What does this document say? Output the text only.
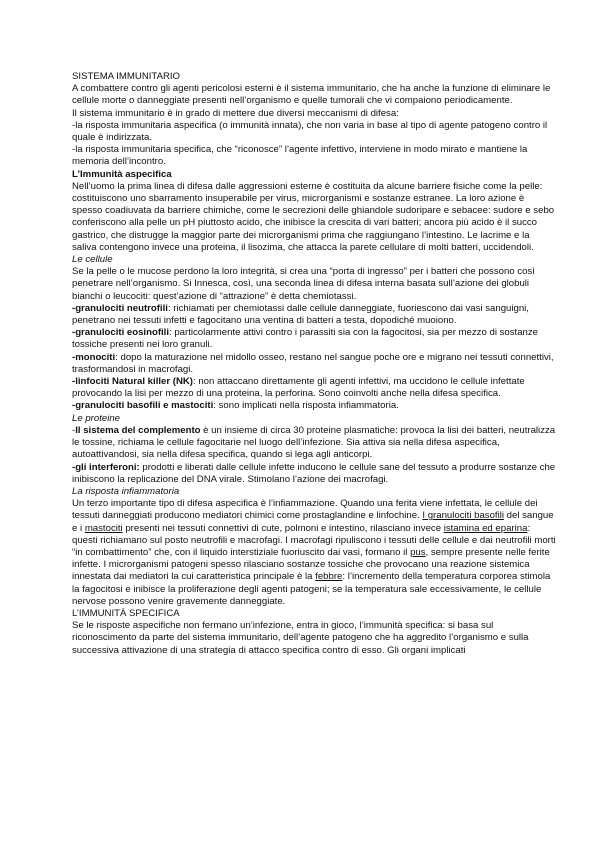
SISTEMA IMMUNITARIO

A combattere contro gli agenti pericolosi esterni è il sistema immunitario, che ha anche la funzione di eliminare le cellule morte o danneggiate presenti nell’organismo e quelle tumorali che vi compaiono periodicamente.

Il sistema immunitario è in grado di mettere due diversi meccanismi di difesa:

-la risposta immunitaria aspecifica (o immunità innata), che non varia in base al tipo di agente patogeno contro il quale è indirizzata.

-la risposta immunitaria specifica, che “riconosce” l’agente infettivo, interviene in modo mirato e mantiene la memoria dell’incontro.

L’Immunità aspecifica

Nell’uomo la prima linea di difesa dalle aggressioni esterne è costituita da alcune barriere fisiche come la pelle: costituiscono uno sbarramento insuperabile per virus, microrganismi e sostanze estranee. La loro azione è spesso coadiuvata da barriere chimiche, come le secrezioni delle ghiandole sudoripare e sebacee: sudore e sebo conferiscono alla pelle un pH piuttosto acido, che inibisce la crescita di vari batteri; ancora più acido è il succo gastrico, che distrugge la maggior parte dei microrganismi prima che raggiungano l’intestino. Le lacrime e la saliva contengono invece una proteina, il lisozima, che attacca la parete cellulare di molti batteri, uccidendoli.

Le cellule

Se la pelle o le mucose perdono la loro integrità, si crea una “porta di ingresso” per i batteri che possono così penetrare nell’organismo. Si Innesca, così, una seconda linea di difesa interna basata sull’azione dei globuli bianchi o leucociti: quest’azione di “attrazione” è detta chemiotassi.

-granulociti neutrofili: richiamati per chemiotassi dalle cellule danneggiate, fuoriescono dai vasi sanguigni, penetrano nei tessuti infetti e fagocitano una ventina di batteri a testa, dopodiché muoiono.

-granulociti eosinofili: particolarmente attivi contro i parassiti sia con la fagocitosi, sia per mezzo di sostanze tossiche presenti nei loro granuli.

-monociti: dopo la maturazione nel midollo osseo, restano nel sangue poche ore e migrano nei tessuti connettivi, trasformandosi in macrofagi.

-linfociti Natural killer (NK): non attaccano direttamente gli agenti infettivi, ma uccidono le cellule infettate provocando la lisi per mezzo di una proteina, la perforina. Sono coinvolti anche nella difesa specifica.

-granulociti basofili e mastociti: sono implicati nella risposta infiammatoria.

Le proteine

-Il sistema del complemento è un insieme di circa 30 proteine plasmatiche: provoca la lisi dei batteri, neutralizza le tossine, richiama le cellule fagocitarie nel luogo dell’infezione. Sia attiva sia nella difesa aspecifica, autoattivandosi, sia nella difesa specifica, quando si lega agli anticorpi.

-gli interferoni: prodotti e liberati dalle cellule infette inducono le cellule sane del tessuto a produrre sostanze che inibiscono la replicazione del DNA virale. Stimolano l’azione dei macrofagi.

La risposta infiammatoria

Un terzo importante tipo di difesa aspecifica è l’infiammazione. Quando una ferita viene infettata, le cellule dei tessuti danneggiati producono mediatori chimici come prostaglandine e linfochine. I granulociti basofili del sangue e i mastociti presenti nei tessuti connettivi di cute, polmoni e intestino, rilasciano invece istamina ed eparina: questi richiamano sul posto neutrofili e macrofagi. I macrofagi ripuliscono i tessuti delle cellule e dai neutrofili morti “in combattimento” che, con il liquido interstiziale fuoriuscito dai vasi, formano il pus, sempre presente nelle ferite infette. I microrganismi patogeni spesso rilasciano sostanze tossiche che provocano una reazione sistemica innestata dai mediatori la cui caratteristica principale è la febbre: l’incremento della temperatura corporea stimola la fagocitosi e inibisce la proliferazione degli agenti patogeni; se la temperatura sale eccessivamente, le cellule nervose possono venire gravemente danneggiate.

L’IMMUNITÀ SPECIFICA

Se le risposte aspecifiche non fermano un’infezione, entra in gioco, l’immunità specifica: si basa sul riconoscimento da parte del sistema immunitario, dell’agente patogeno che ha aggredito l’organismo e sulla successiva attivazione di una strategia di attacco specifica contro di esso. Gli organi implicati
